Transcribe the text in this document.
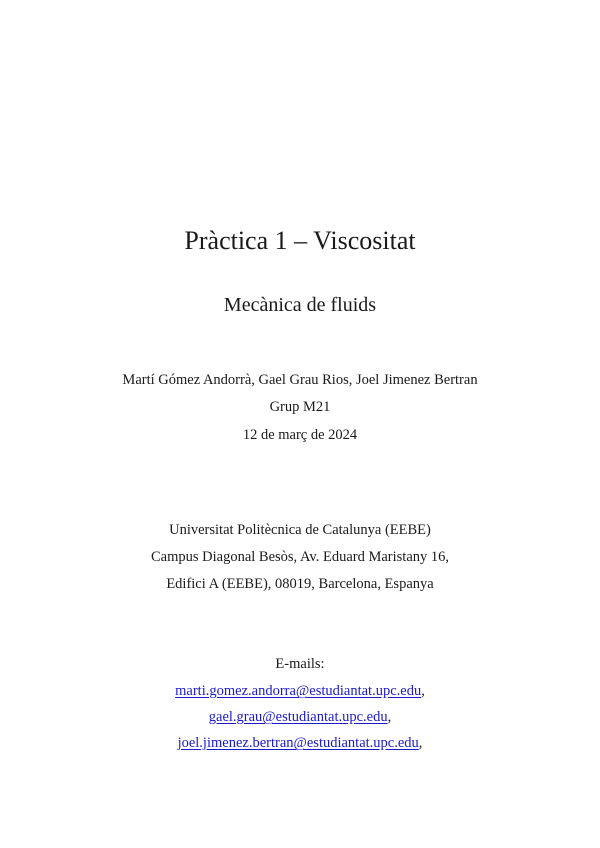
Pràctica 1 – Viscositat
Mecànica de fluids
Martí Gómez Andorrà, Gael Grau Rios, Joel Jimenez Bertran
Grup M21
12 de març de 2024
Universitat Politècnica de Catalunya (EEBE)
Campus Diagonal Besòs, Av. Eduard Maristany 16,
Edifici A (EEBE), 08019, Barcelona, Espanya
E-mails:
marti.gomez.andorra@estudiantat.upc.edu,
gael.grau@estudiantat.upc.edu,
joel.jimenez.bertran@estudiantat.upc.edu,
